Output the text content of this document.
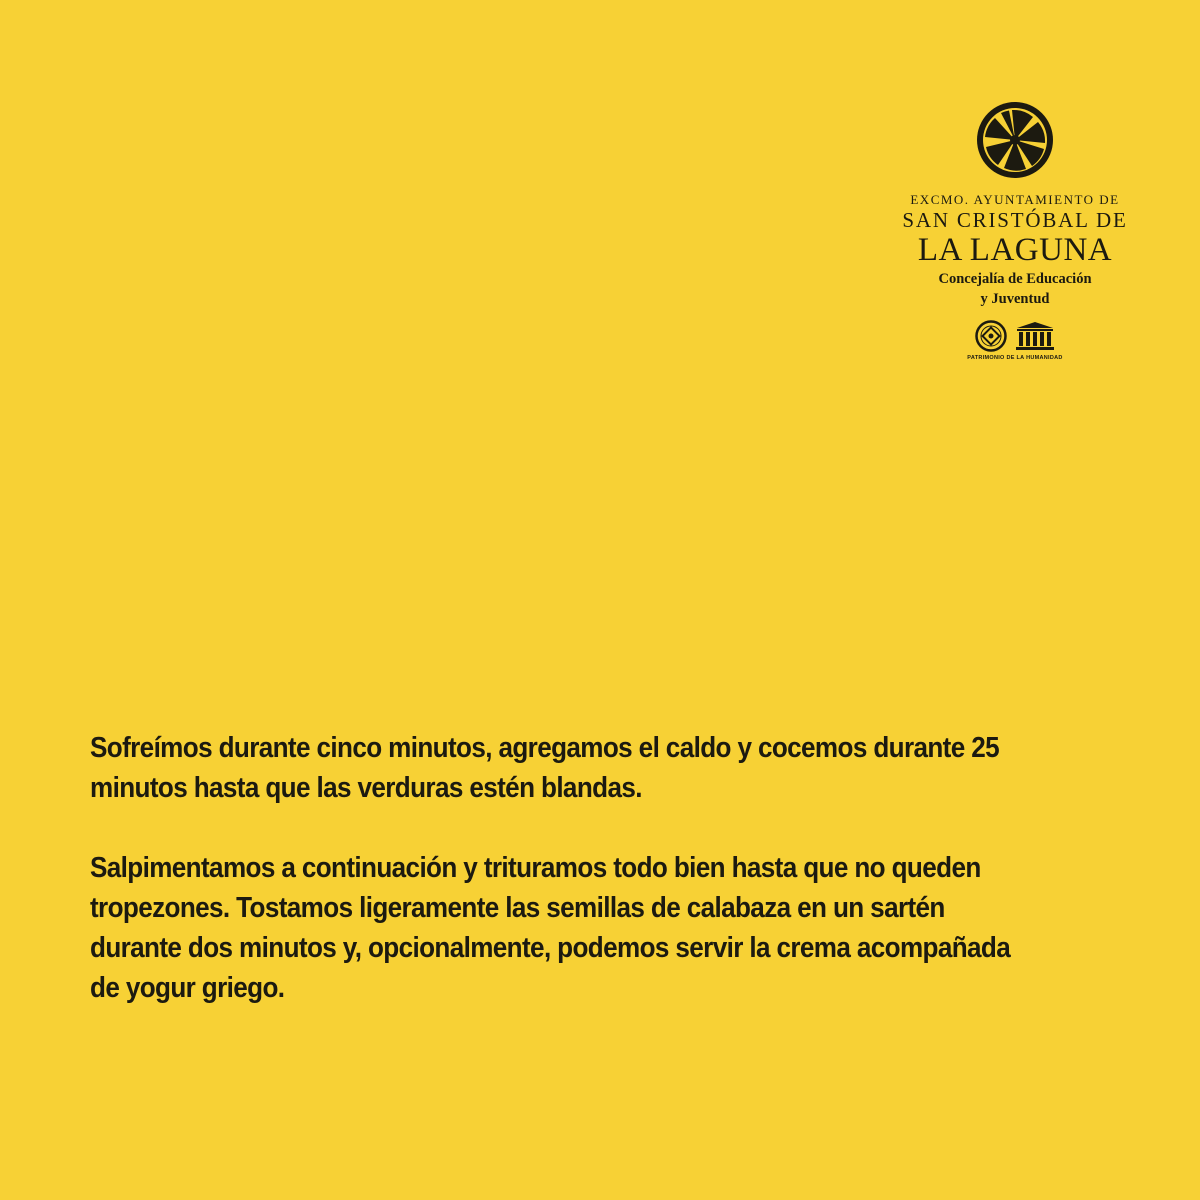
EXCMO. AYUNTAMIENTO DE
SAN CRISTÓBAL DE
LA LAGUNA
Concejalía de Educación
y Juventud
PATRIMONIO DE LA HUMANIDAD

Sofreímos durante cinco minutos, agregamos el caldo y cocemos durante 25 minutos hasta que las verduras estén blandas.

Salpimentamos a continuación y trituramos todo bien hasta que no queden tropezones. Tostamos ligeramente las semillas de calabaza en un sartén durante dos minutos y, opcionalmente, podemos servir la crema acompañada de yogur griego.
